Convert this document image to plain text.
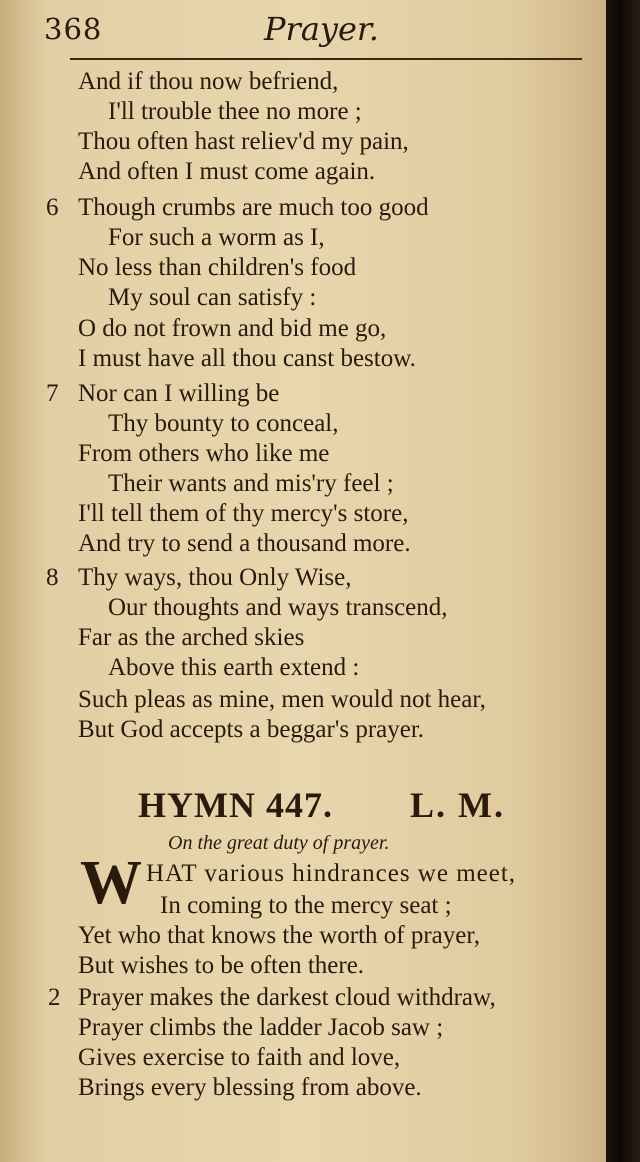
368	Prayer.
And if thou now befriend,
I'll trouble thee no more ;
Thou often hast reliev'd my pain,
And often I must come again.
6 Though crumbs are much too good
For such a worm as I,
No less than children's food
My soul can satisfy :
O do not frown and bid me go,
I must have all thou canst bestow.
7 Nor can I willing be
Thy bounty to conceal,
From others who like me
Their wants and mis'ry feel ;
I'll tell them of thy mercy's store,
And try to send a thousand more.
8 Thy ways, thou Only Wise,
Our thoughts and ways transcend,
Far as the arched skies
Above this earth extend :
Such pleas as mine, men would not hear,
But God accepts a beggar's prayer.
HYMN 447. L. M.
On the great duty of prayer.
W HAT various hindrances we meet,
In coming to the mercy seat ;
Yet who that knows the worth of prayer,
But wishes to be often there.
2 Prayer makes the darkest cloud withdraw,
Prayer climbs the ladder Jacob saw ;
Gives exercise to faith and love,
Brings every blessing from above.
